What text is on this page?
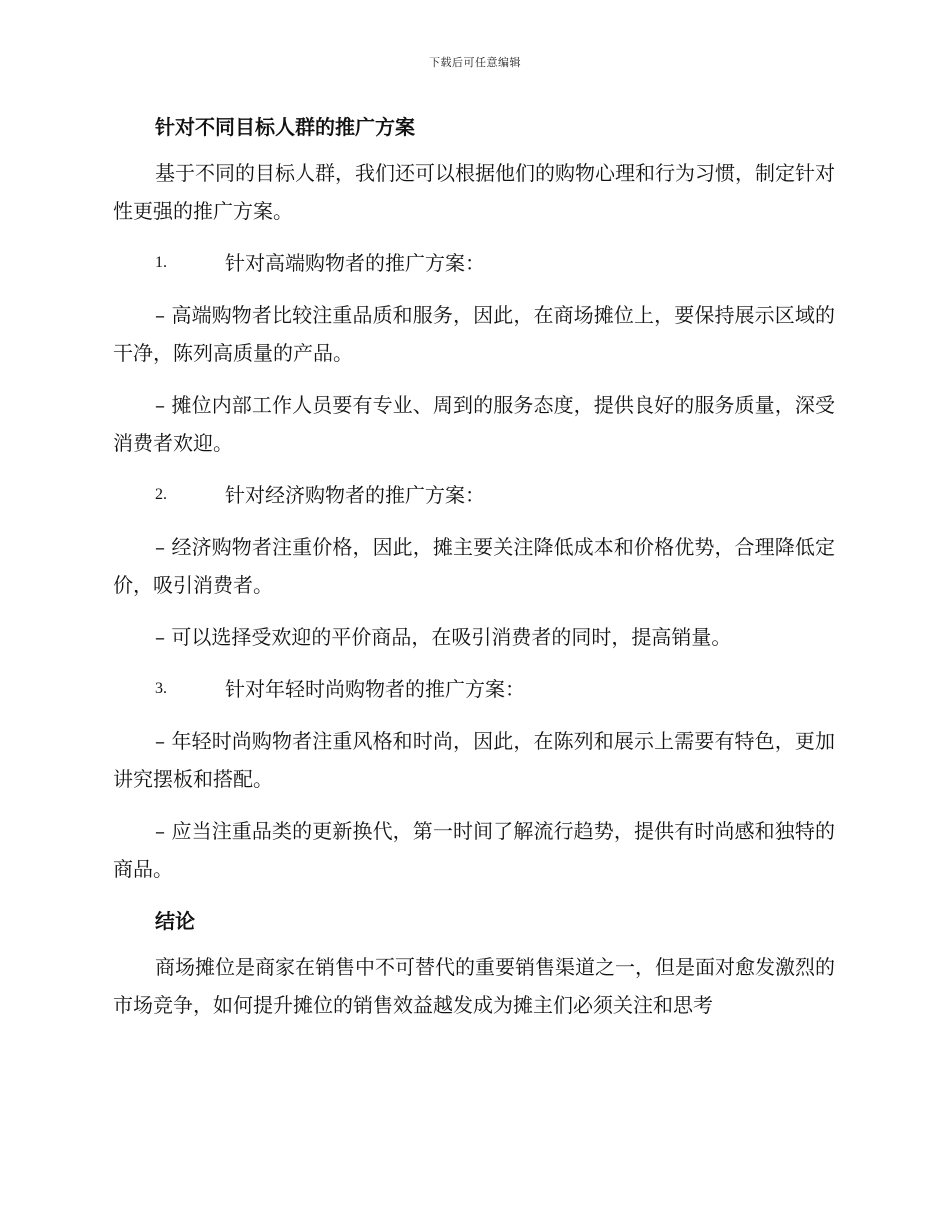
下载后可任意编辑
针对不同目标人群的推广方案

基于不同的目标人群，我们还可以根据他们的购物心理和行为习惯，制定针对性更强的推广方案。

1.	针对高端购物者的推广方案：

– 高端购物者比较注重品质和服务，因此，在商场摊位上，要保持展示区域的干净，陈列高质量的产品。

– 摊位内部工作人员要有专业、周到的服务态度，提供良好的服务质量，深受消费者欢迎。

2.	针对经济购物者的推广方案：

– 经济购物者注重价格，因此，摊主要关注降低成本和价格优势，合理降低定价，吸引消费者。

– 可以选择受欢迎的平价商品，在吸引消费者的同时，提高销量。

3.	针对年轻时尚购物者的推广方案：

– 年轻时尚购物者注重风格和时尚，因此，在陈列和展示上需要有特色，更加讲究摆板和搭配。

– 应当注重品类的更新换代，第一时间了解流行趋势，提供有时尚感和独特的商品。

结论

商场摊位是商家在销售中不可替代的重要销售渠道之一，但是面对愈发激烈的市场竞争，如何提升摊位的销售效益越发成为摊主们必须关注和思考
